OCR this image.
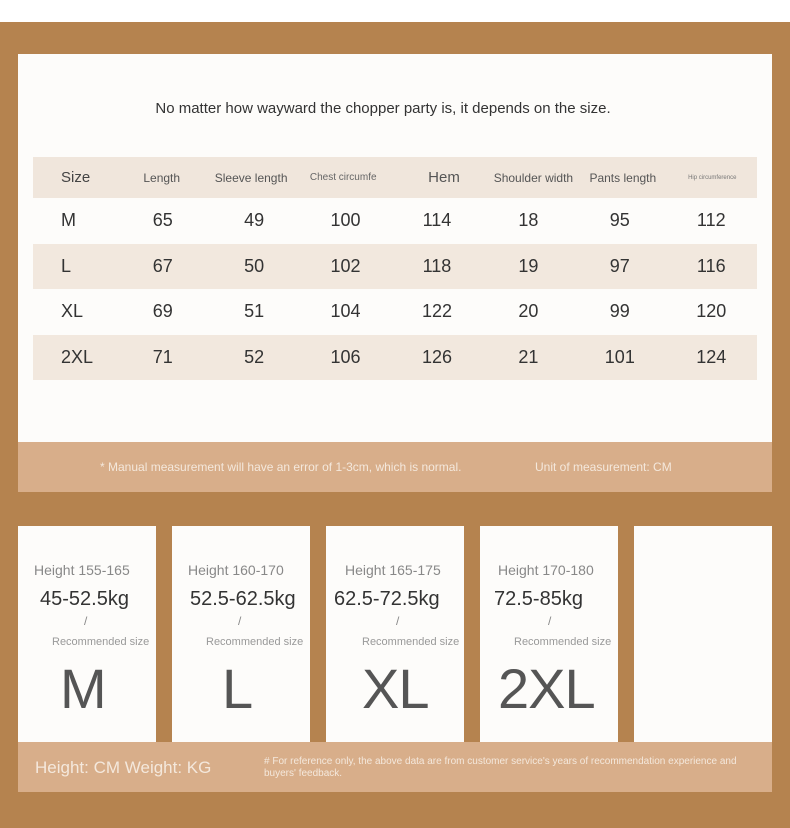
No matter how wayward the chopper party is, it depends on the size.
Size	Length	Sleeve length	Chest circumfe	Hem	Shoulder width	Pants length	Hip circumference
M	65	49	100	114	18	95	112
L	67	50	102	118	19	97	116
XL	69	51	104	122	20	99	120
2XL	71	52	106	126	21	101	124
* Manual measurement will have an error of 1-3cm, which is normal.	Unit of measurement: CM
Height 155-165
45-52.5kg
/
Recommended size
M
Height 160-170
52.5-62.5kg
/
Recommended size
L
Height 165-175
62.5-72.5kg
/
Recommended size
XL
Height 170-180
72.5-85kg
/
Recommended size
2XL
Height: CM Weight: KG	# For reference only, the above data are from customer service's years of recommendation experience and buyers' feedback.
